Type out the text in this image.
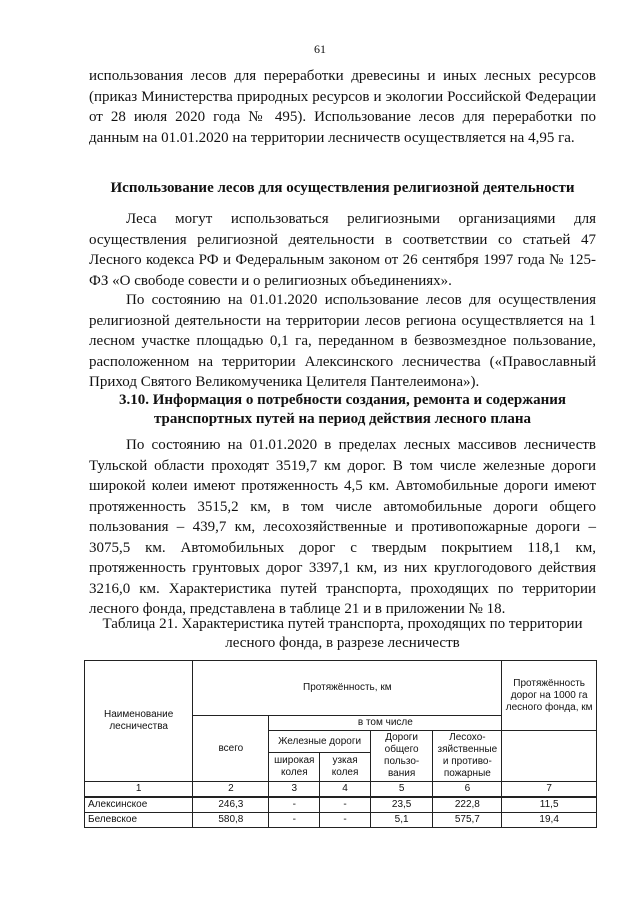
61

использования лесов для переработки древесины и иных лесных ресурсов (приказ Министерства природных ресурсов и экологии Российской Федерации от 28 июля 2020 года № 495). Использование лесов для переработки по данным на 01.01.2020 на территории лесничеств осуществляется на 4,95 га.

Использование лесов для осуществления религиозной деятельности

Леса могут использоваться религиозными организациями для осуществления религиозной деятельности в соответствии со статьей 47 Лесного кодекса РФ и Федеральным законом от 26 сентября 1997 года № 125-ФЗ «О свободе совести и о религиозных объединениях».

По состоянию на 01.01.2020 использование лесов для осуществления религиозной деятельности на территории лесов региона осуществляется на 1 лесном участке площадью 0,1 га, переданном в безвозмездное пользование, расположенном на территории Алексинского лесничества («Православный Приход Святого Великомученика Целителя Пантелеимона»).

3.10. Информация о потребности создания, ремонта и содержания транспортных путей на период действия лесного плана

По состоянию на 01.01.2020 в пределах лесных массивов лесничеств Тульской области проходят 3519,7 км дорог. В том числе железные дороги широкой колеи имеют протяженность 4,5 км. Автомобильные дороги имеют протяженность 3515,2 км, в том числе автомобильные дороги общего пользования – 439,7 км, лесохозяйственные и противопожарные дороги – 3075,5 км. Автомобильных дорог с твердым покрытием 118,1 км, протяженность грунтовых дорог 3397,1 км, из них круглогодового действия 3216,0 км. Характеристика путей транспорта, проходящих по территории лесного фонда, представлена в таблице 21 и в приложении № 18.

Таблица 21. Характеристика путей транспорта, проходящих по территории лесного фонда, в разрезе лесничеств

Наименование лесничества	Протяжённость, км					Протяжённость дорог на 1000 га лесного фонда, км
	всего	в том числе				
		Железные дороги		Дороги общего пользо-вания	Лесохо-зяйственные и противо-пожарные	
		широкая колея	узкая колея			
1	2	3	4	5	6	7
Алексинское	246,3	-	-	23,5	222,8	11,5
Белевское	580,8	-	-	5,1	575,7	19,4
